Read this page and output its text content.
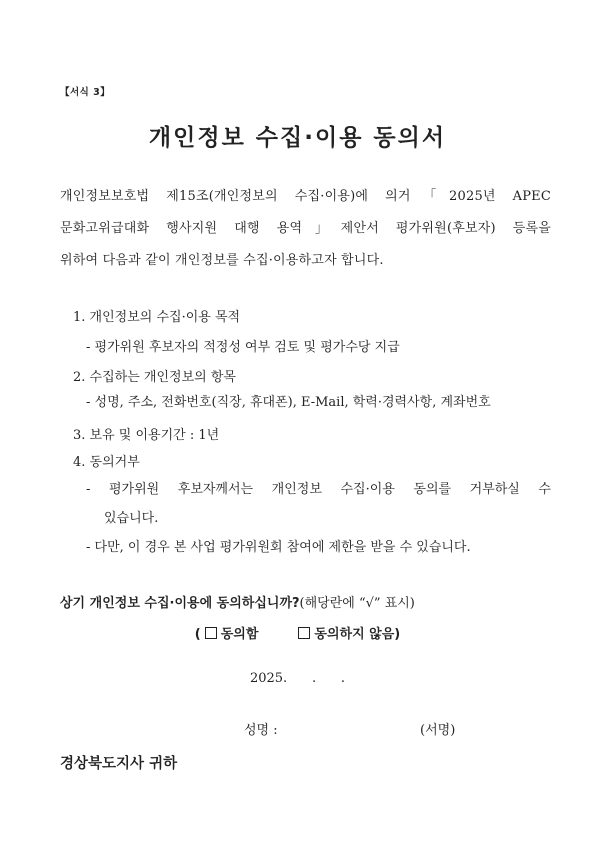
【서식 3】
개인정보 수집·이용 동의서
개인정보보호법 제15조(개인정보의 수집·이용)에 의거「2025년 APEC
문화고위급대화 행사지원 대행 용역」제안서 평가위원(후보자) 등록을
위하여 다음과 같이 개인정보를 수집·이용하고자 합니다.
1. 개인정보의 수집·이용 목적
- 평가위원 후보자의 적정성 여부 검토 및 평가수당 지급
2. 수집하는 개인정보의 항목
- 성명, 주소, 전화번호(직장, 휴대폰), E-Mail, 학력·경력사항, 계좌번호
3. 보유 및 이용기간 : 1년
4. 동의거부
- 평가위원 후보자께서는 개인정보 수집·이용 동의를 거부하실 수
있습니다.
- 다만, 이 경우 본 사업 평가위원회 참여에 제한을 받을 수 있습니다.
상기 개인정보 수집·이용에 동의하십니까?(해당란에 “√” 표시)
( 동의함	동의하지 않음)
2025.      .      .
성명 :	(서명)
경상북도지사 귀하
